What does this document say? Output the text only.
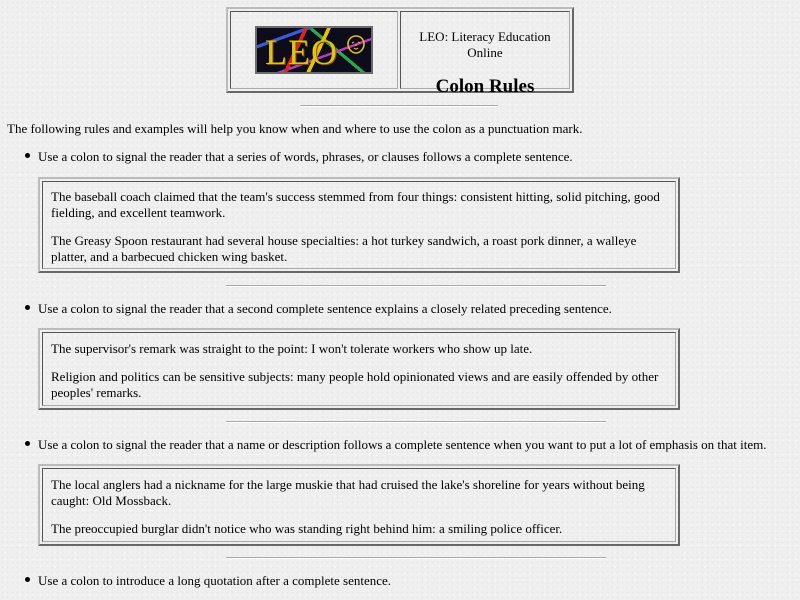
LEO	LEO: Literacy Education Online
Colon Rules
The following rules and examples will help you know when and where to use the colon as a punctuation mark.
Use a colon to signal the reader that a series of words, phrases, or clauses follows a complete sentence.
The baseball coach claimed that the team's success stemmed from four things: consistent hitting, solid pitching, good fielding, and excellent teamwork.
The Greasy Spoon restaurant had several house specialties: a hot turkey sandwich, a roast pork dinner, a walleye platter, and a barbecued chicken wing basket.
Use a colon to signal the reader that a second complete sentence explains a closely related preceding sentence.
The supervisor's remark was straight to the point: I won't tolerate workers who show up late.
Religion and politics can be sensitive subjects: many people hold opinionated views and are easily offended by other peoples' remarks.
Use a colon to signal the reader that a name or description follows a complete sentence when you want to put a lot of emphasis on that item.
The local anglers had a nickname for the large muskie that had cruised the lake's shoreline for years without being caught: Old Mossback.
The preoccupied burglar didn't notice who was standing right behind him: a smiling police officer.
Use a colon to introduce a long quotation after a complete sentence.
